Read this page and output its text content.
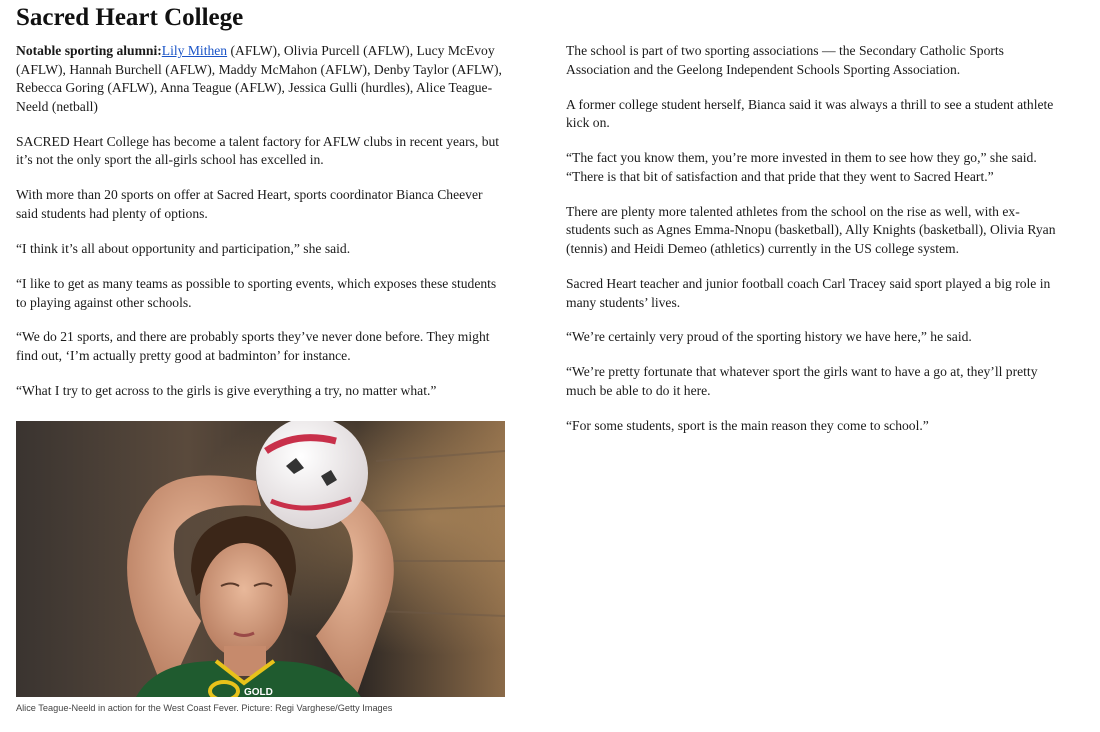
Sacred Heart College

Notable sporting alumni:Lily Mithen (AFLW), Olivia Purcell (AFLW), Lucy McEvoy (AFLW), Hannah Burchell (AFLW), Maddy McMahon (AFLW), Denby Taylor (AFLW), Rebecca Goring (AFLW), Anna Teague (AFLW), Jessica Gulli (hurdles), Alice Teague-Neeld (netball)

SACRED Heart College has become a talent factory for AFLW clubs in recent years, but it’s not the only sport the all-girls school has excelled in.

With more than 20 sports on offer at Sacred Heart, sports coordinator Bianca Cheever said students had plenty of options.

“I think it’s all about opportunity and participation,” she said.

“I like to get as many teams as possible to sporting events, which exposes these students to playing against other schools.

“We do 21 sports, and there are probably sports they’ve never done before. They might find out, ‘I’m actually pretty good at badminton’ for instance.

“What I try to get across to the girls is give everything a try, no matter what.”

GOLD
Alice Teague-Neeld in action for the West Coast Fever. Picture: Regi Varghese/Getty Images

The school is part of two sporting associations — the Secondary Catholic Sports Association and the Geelong Independent Schools Sporting Association.

A former college student herself, Bianca said it was always a thrill to see a student athlete kick on.

“The fact you know them, you’re more invested in them to see how they go,” she said. “There is that bit of satisfaction and that pride that they went to Sacred Heart.”

There are plenty more talented athletes from the school on the rise as well, with ex-students such as Agnes Emma-Nnopu (basketball), Ally Knights (basketball), Olivia Ryan (tennis) and Heidi Demeo (athletics) currently in the US college system.

Sacred Heart teacher and junior football coach Carl Tracey said sport played a big role in many students’ lives.

“We’re certainly very proud of the sporting history we have here,” he said.

“We’re pretty fortunate that whatever sport the girls want to have a go at, they’ll pretty much be able to do it here.

“For some students, sport is the main reason they come to school.”
